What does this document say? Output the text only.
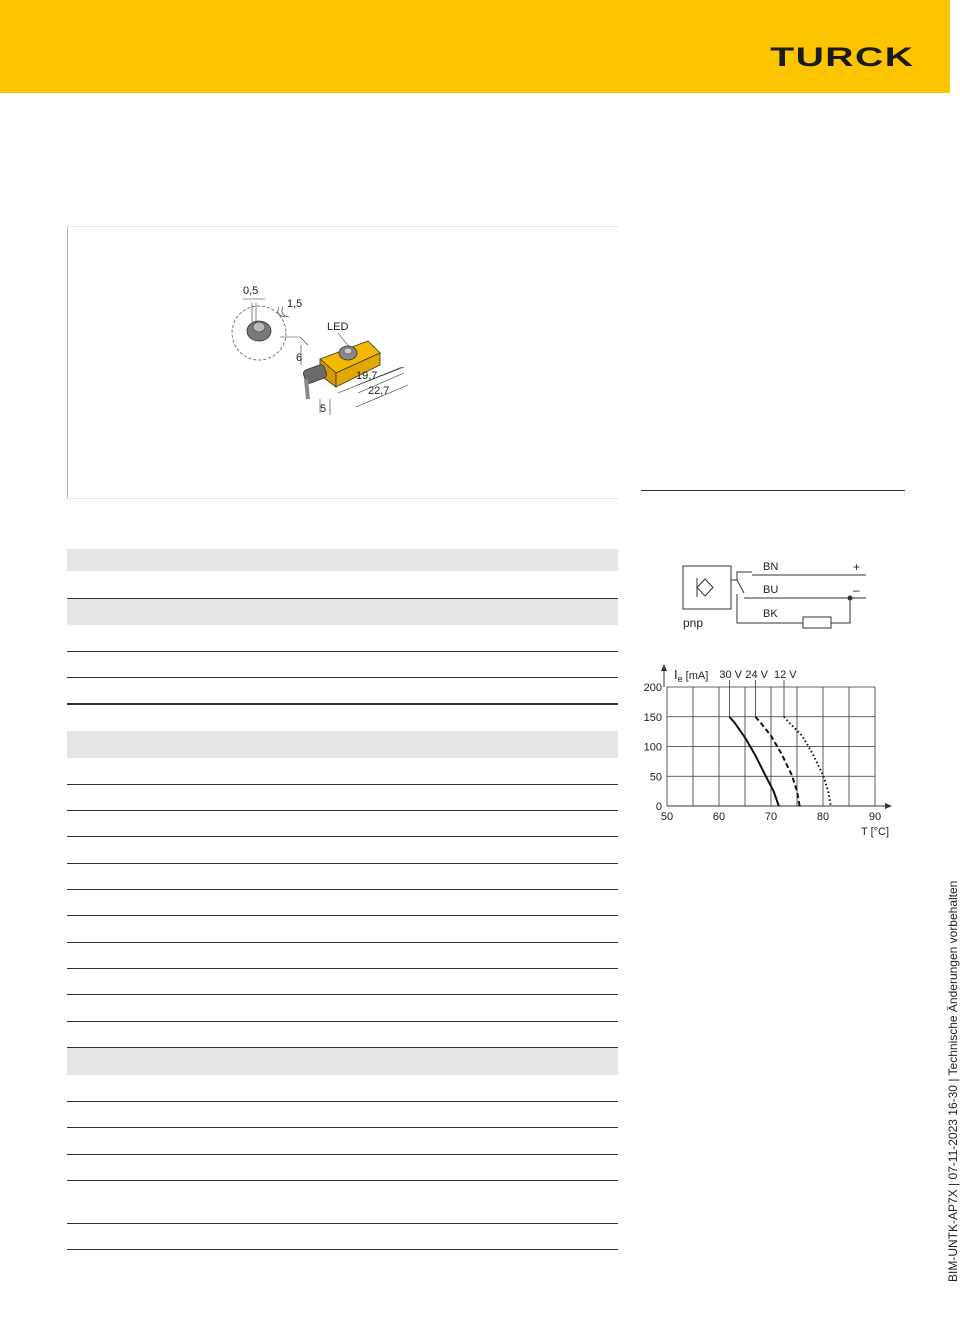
TURCK
0,5
1,5
LED
6
19,7
22,7
5
BN
BU
BK
+
–
pnp
50	60	70	80	90
200
150
100
50
0
$I_e$ [mA]
T [°C]
30 V 24 V 12 V
BIM-UNTK-AP7X | 07-11-2023 16-30 | Technische Änderungen vorbehalten
